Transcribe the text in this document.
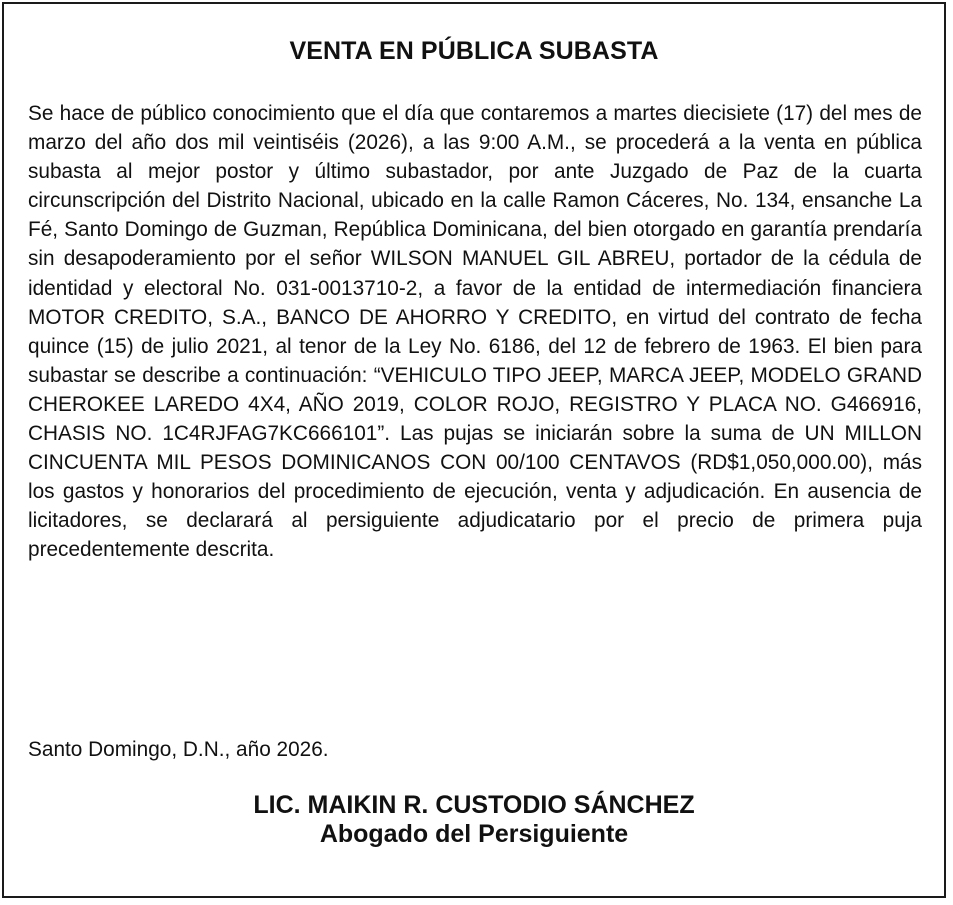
VENTA EN PÚBLICA SUBASTA

Se hace de público conocimiento que el día que contaremos a martes diecisiete (17) del mes de marzo del año dos mil veintiséis (2026), a las 9:00 A.M., se procederá a la venta en pública subasta al mejor postor y último subastador, por ante Juzgado de Paz de la cuarta circunscripción del Distrito Nacional, ubicado en la calle Ramon Cáceres, No. 134, ensanche La Fé, Santo Domingo de Guzman, República Dominicana, del bien otorgado en garantía prendaría sin desapoderamiento por el señor WILSON MANUEL GIL ABREU, portador de la cédula de identidad y electoral No. 031-0013710-2, a favor de la entidad de intermediación financiera MOTOR CREDITO, S.A., BANCO DE AHORRO Y CREDITO, en virtud del contrato de fecha quince (15) de julio 2021, al tenor de la Ley No. 6186, del 12 de febrero de 1963. El bien para subastar se describe a continuación: “VEHICULO TIPO JEEP, MARCA JEEP, MODELO GRAND CHEROKEE LAREDO 4X4, AÑO 2019, COLOR ROJO, REGISTRO Y PLACA NO. G466916, CHASIS NO. 1C4RJFAG7KC666101”. Las pujas se iniciarán sobre la suma de UN MILLON CINCUENTA MIL PESOS DOMINICANOS CON 00/100 CENTAVOS (RD$1,050,000.00), más los gastos y honorarios del procedimiento de ejecución, venta y adjudicación. En ausencia de licitadores, se declarará al persiguiente adjudicatario por el precio de primera puja precedentemente descrita.

Santo Domingo, D.N., año 2026.

LIC. MAIKIN R. CUSTODIO SÁNCHEZ
Abogado del Persiguiente
